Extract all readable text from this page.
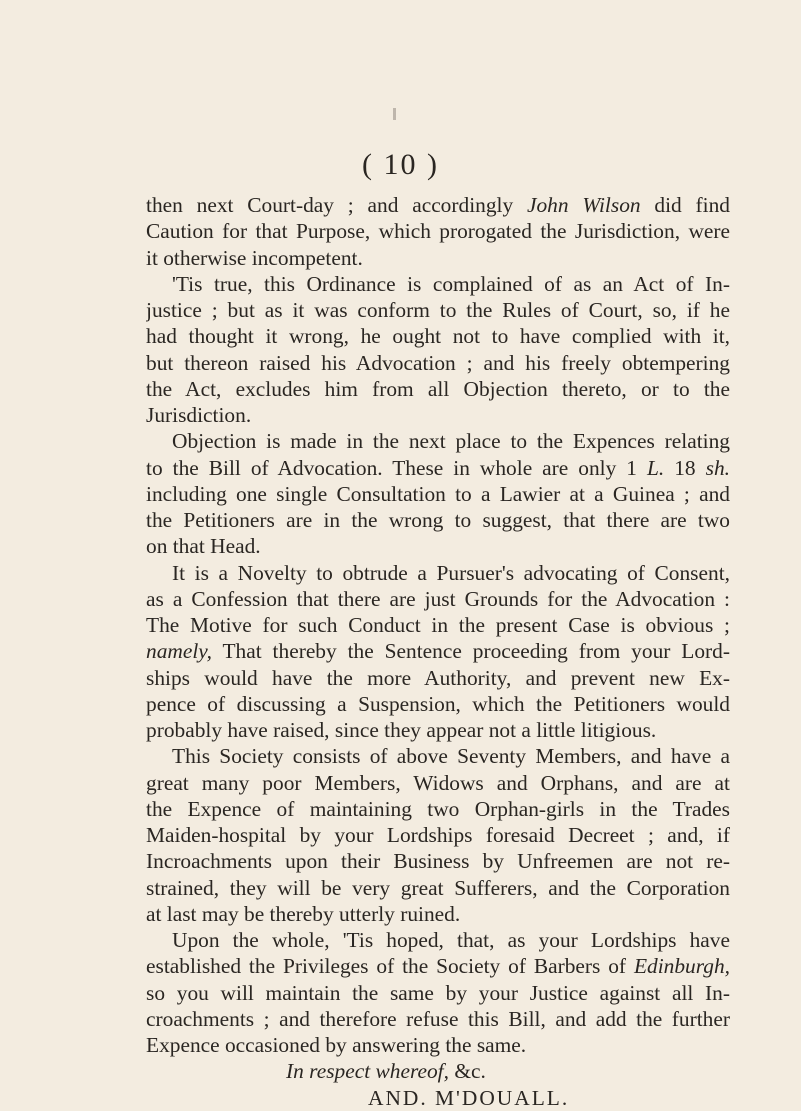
( 10 )
then next Court-day ; and accordingly John Wilson did find
Caution for that Purpose, which prorogated the Jurisdiction, were
it otherwise incompetent.
'Tis true, this Ordinance is complained of as an Act of In-
justice ; but as it was conform to the Rules of Court, so, if he
had thought it wrong, he ought not to have complied with it,
but thereon raised his Advocation ; and his freely obtempering
the Act, excludes him from all Objection thereto, or to the
Jurisdiction.
Objection is made in the next place to the Expences relating
to the Bill of Advocation. These in whole are only 1 L. 18 sh.
including one single Consultation to a Lawier at a Guinea ; and
the Petitioners are in the wrong to suggest, that there are two
on that Head.
It is a Novelty to obtrude a Pursuer's advocating of Consent,
as a Confession that there are just Grounds for the Advocation :
The Motive for such Conduct in the present Case is obvious ;
namely, That thereby the Sentence proceeding from your Lord-
ships would have the more Authority, and prevent new Ex-
pence of discussing a Suspension, which the Petitioners would
probably have raised, since they appear not a little litigious.
This Society consists of above Seventy Members, and have a
great many poor Members, Widows and Orphans, and are at
the Expence of maintaining two Orphan-girls in the Trades
Maiden-hospital by your Lordships foresaid Decreet ; and, if
Incroachments upon their Business by Unfreemen are not re-
strained, they will be very great Sufferers, and the Corporation
at last may be thereby utterly ruined.
Upon the whole, 'Tis hoped, that, as your Lordships have
established the Privileges of the Society of Barbers of Edinburgh,
so you will maintain the same by your Justice against all In-
croachments ; and therefore refuse this Bill, and add the further
Expence occasioned by answering the same.
In respect whereof, &c.
AND. M'DOUALL.
